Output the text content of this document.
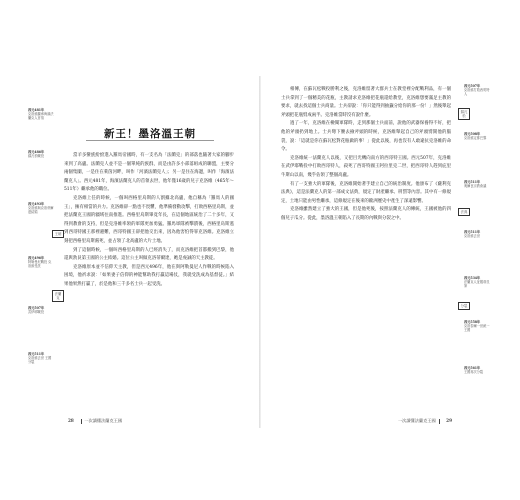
西元481年
克洛維繼承海濱法蘭克人首領
西元486年
蘇瓦松戰役
西元493年
克洛維與克洛蒂爾達結婚
西元496年
阿勒曼尼戰役 克洛維受洗
西元507年
武伊耶戰役
西元511年
克洛維去世 王國分裂
王朝
法蘭克
新王！墨洛溫王朝

當羊多蠻族紛紛進入羅馬帝國時，有一支名為「法蘭克」的部落也隨著大家的腳步來到了高盧。法蘭克人並不是一個單純的族群，而是由許多小部落組成的聯盟，主要分兩個集團，一是住在萊茵河畔，叫作「河濱法蘭克人」；另一是住在海邊，叫作「海濱法蘭克人」。西元481年，海濱法蘭克人的首領去世，他年僅16歲的兒子克洛維（465年～511年）繼承他的職位。

克洛維上任的時候，一個叫西格里烏斯的人割據北高盧，他自稱為「羅馬人的國王」，擁有相當的兵力。克洛維卻一點也不畏懼，他準備發動攻擊，打敗西格里烏斯，並把法蘭克王國的疆域往南推進。西格里烏斯畢竟年長，在這個地區統治了二十多年，又得到教會的支持，但是克洛維率領的軍隊更加勇猛。羅馬軍隊被擊潰後，西格里烏斯逃到西哥特國王那裡避難，西哥特國王卻把他交出來，因為他害怕得罪克洛維。克洛維立刻把西格里烏斯處死，並占領了北高盧的大片土地。

到了這個時候，一個叫西格里烏斯的人已經消失了，而克洛維把首都搬到巴黎，他還與勃艮第王國的公主結婚。這位公主叫做克洛蒂爾達，她是虔誠的天主教徒。

克洛維原本並不信仰天主教，但是西元496年，他在與阿勒曼尼人作戰的時候陷入困境，他祈求說：「如果妻子信仰的神能幫助我打贏這場仗，我就受洗成為基督徒。」結果他果然打贏了，於是他和三千多名士兵一起受洗。

28	一次讀懂法蘭克王國

相傳，在蘇瓦松戰役勝利之後，克洛維留著大群兵士在教堂裡分配戰利品，有一個士兵拿到了一個精美的花瓶，主教請求克洛維把花瓶還給教堂，克洛維想要滿足主教的要求，就去找這個士兵商量。士兵卻說：「你只能得到抽籤分給你的那一份！」然後舉起斧頭把花瓶劈成兩半。克洛維當時沒有說什麼。

過了一年，克洛維在檢閱軍隊時，走到那個士兵面前，說他的武器保養得不好，把他的斧頭扔到地上。士兵彎下腰去撿斧頭的時候，克洛維舉起自己的斧頭劈開他的腦袋，說：「這就是你在蘇瓦松對花瓶做的事！」從此以後，再也沒有人敢違抗克洛維的命令。

克洛維統一法蘭克人以後，又把目光轉向南方的西哥特王國。西元507年，克洛維在武伊耶戰役中打敗西哥特人，殺死了西哥特國王阿拉里克二世，把西哥特人趕到庇里牛斯山以南，幾乎佔領了整個高盧。

有了一支強大的軍隊後，克洛維開始著手建立自己的統治制度。他頒布了《薩利克法典》，這是法蘭克人的第一部成文法典，規定了財產繼承、刑罰等內容。其中有一條規定，土地只能由男性繼承，這條規定在後來的歐洲歷史中產生了深遠影響。

克洛維雖然建立了強大的王國，但是他死後，按照法蘭克人的傳統，王國被他的四個兒子瓜分。從此，墨洛溫王朝陷入了長期的內戰與分裂之中。

西元507年
克洛維打敗西哥特人
西元508年
克洛維定都巴黎
西元511年
奧爾良宗教會議
西元511年
克洛維去世
西元534年
法蘭克人征服勃艮第
西元558年
克洛泰爾一世統一王國
西元561年
王國再次分裂
蘇瓦松
法典
分裂
一次讀懂法蘭克王國	29
